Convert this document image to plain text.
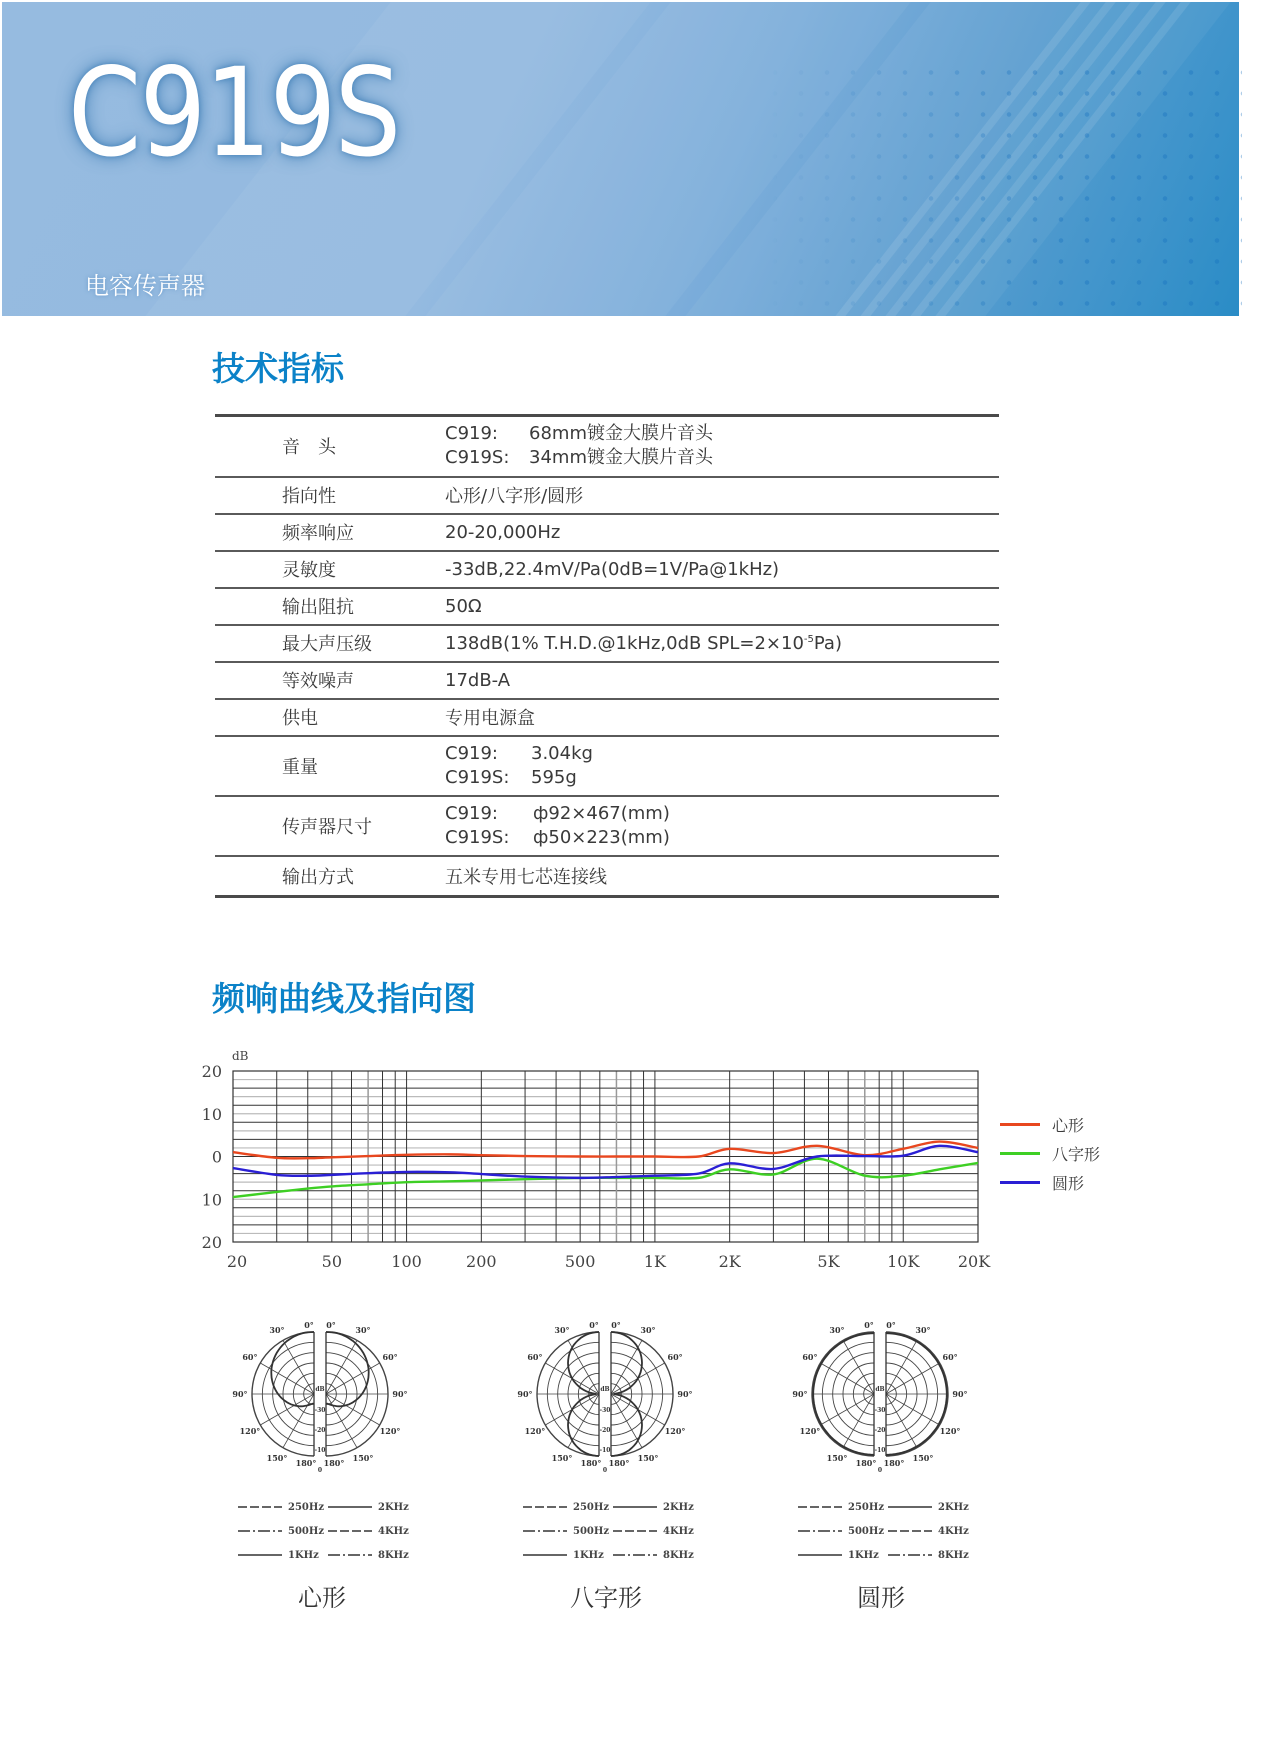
C919S
电容传声器
技术指标
音　头	C919: 68mm镀金大膜片音头
C919S: 34mm镀金大膜片音头

指向性	心形/八字形/圆形
频率响应	20-20,000Hz
灵敏度	-33dB,22.4mV/Pa(0dB=1V/Pa@1kHz)
输出阻抗	50Ω
最大声压级	138dB(1% T.H.D.@1kHz,0dB $SPL=2\times 10^{-5}Pa$)
等效噪声	17dB-A
供电	专用电源盒
重量	C919: 3.04kg
C919S: 595g

传声器尺寸	C919: ф92×467(mm)
C919S: ф50×223(mm)

输出方式	五米专用七芯连接线
频响曲线及指向图
dB
20
10
0
10
20
20	50	100	200	500	1K	2K	5K	10K 20K
心形
八字形
圆形
0°
30°
60°
90°
120°
150° 180°
0° 30°
60°
90°
120°
150°
180°
dB
-30
-20
-10
0
0°
30°
60°
90°
120°
150° 180°
0° 30°
60°
90°
120°
150°
180°
dB
-30
-20
-10
0
0°
30°
60°
90°
120°
150° 180°
0° 30°
60°
90°
120°
150°
180°
dB
-30
-20
-10
0
250Hz	2KHz
500Hz	4KHz
1KHz	8KHz
250Hz	2KHz
500Hz	4KHz
1KHz	8KHz
250Hz	2KHz
500Hz	4KHz
1KHz	8KHz
心形	八字形	圆形
